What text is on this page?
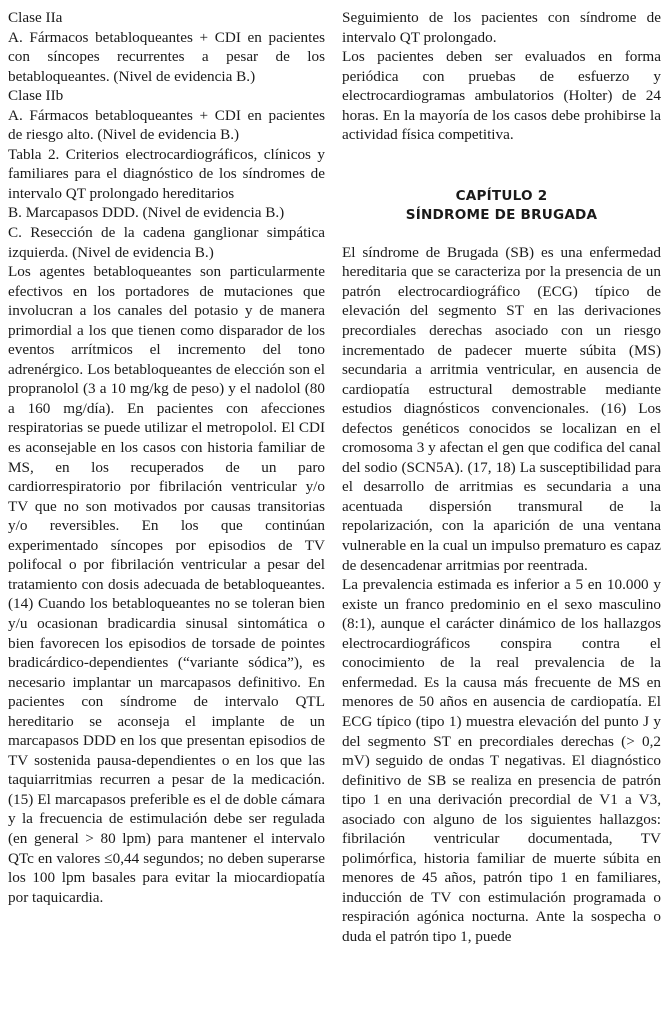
Clase IIa

A. Fármacos betabloqueantes + CDI en pacientes con síncopes recurrentes a pesar de los betabloqueantes. (Nivel de evidencia B.)

Clase IIb

A. Fármacos betabloqueantes + CDI en pacientes de riesgo alto. (Nivel de evidencia B.)

Tabla 2. Criterios electrocardiográficos, clínicos y familiares para el diagnóstico de los síndromes de intervalo QT prolongado hereditarios

B. Marcapasos DDD. (Nivel de evidencia B.)

C. Resección de la cadena ganglionar simpática izquierda. (Nivel de evidencia B.)

Los agentes betabloqueantes son particularmente efectivos en los portadores de mutaciones que involucran a los canales del potasio y de manera primordial a los que tienen como disparador de los eventos arrítmicos el incremento del tono adrenérgico. Los betabloqueantes de elección son el propranolol (3 a 10 mg/kg de peso) y el nadolol (80 a 160 mg/día). En pacientes con afecciones respiratorias se puede utilizar el metropolol. El CDI es aconsejable en los casos con historia familiar de MS, en los recuperados de un paro cardiorrespiratorio por fibrilación ventricular y/o TV que no son motivados por causas transitorias y/o reversibles. En los que continúan experimentado síncopes por episodios de TV polifocal o por fibrilación ventricular a pesar del tratamiento con dosis adecuada de betabloqueantes. (14) Cuando los betabloqueantes no se toleran bien y/u ocasionan bradicardia sinusal sintomática o bien favorecen los episodios de torsade de pointes bradicárdico-dependientes (“variante sódica”), es necesario implantar un marcapasos definitivo. En pacientes con síndrome de intervalo QTL hereditario se aconseja el implante de un marcapasos DDD en los que presentan episodios de TV sostenida pausa-dependientes o en los que las taquiarritmias recurren a pesar de la medicación.(15) El marcapasos preferible es el de doble cámara y la frecuencia de estimulación debe ser regulada (en general > 80 lpm) para mantener el intervalo QTc en valores ≤0,44 segundos; no deben superarse los 100 lpm basales para evitar la miocardiopatía por taquicardia.

Seguimiento de los pacientes con síndrome de intervalo QT prolongado.

Los pacientes deben ser evaluados en forma periódica con pruebas de esfuerzo y electrocardiogramas ambulatorios (Holter) de 24 horas. En la mayoría de los casos debe prohibirse la actividad física competitiva.

CAPÍTULO 2

SÍNDROME DE BRUGADA

El síndrome de Brugada (SB) es una enfermedad hereditaria que se caracteriza por la presencia de un patrón electrocardiográfico (ECG) típico de elevación del segmento ST en las derivaciones precordiales derechas asociado con un riesgo incrementado de padecer muerte súbita (MS) secundaria a arritmia ventricular, en ausencia de cardiopatía estructural demostrable mediante estudios diagnósticos convencionales. (16) Los defectos genéticos conocidos se localizan en el cromosoma 3 y afectan el gen que codifica del canal del sodio (SCN5A). (17, 18) La susceptibilidad para el desarrollo de arritmias es secundaria a una acentuada dispersión transmural de la repolarización, con la aparición de una ventana vulnerable en la cual un impulso prematuro es capaz de desencadenar arritmias por reentrada.

La prevalencia estimada es inferior a 5 en 10.000 y existe un franco predominio en el sexo masculino (8:1), aunque el carácter dinámico de los hallazgos electrocardiográficos conspira contra el conocimiento de la real prevalencia de la enfermedad. Es la causa más frecuente de MS en menores de 50 años en ausencia de cardiopatía. El ECG típico (tipo 1) muestra elevación del punto J y del segmento ST en precordiales derechas (> 0,2 mV) seguido de ondas T negativas. El diagnóstico definitivo de SB se realiza en presencia de patrón tipo 1 en una derivación precordial de V1 a V3, asociado con alguno de los siguientes hallazgos: fibrilación ventricular documentada, TV polimórfica, historia familiar de muerte súbita en menores de 45 años, patrón tipo 1 en familiares, inducción de TV con estimulación programada o respiración agónica nocturna. Ante la sospecha o duda el patrón tipo 1, puede
